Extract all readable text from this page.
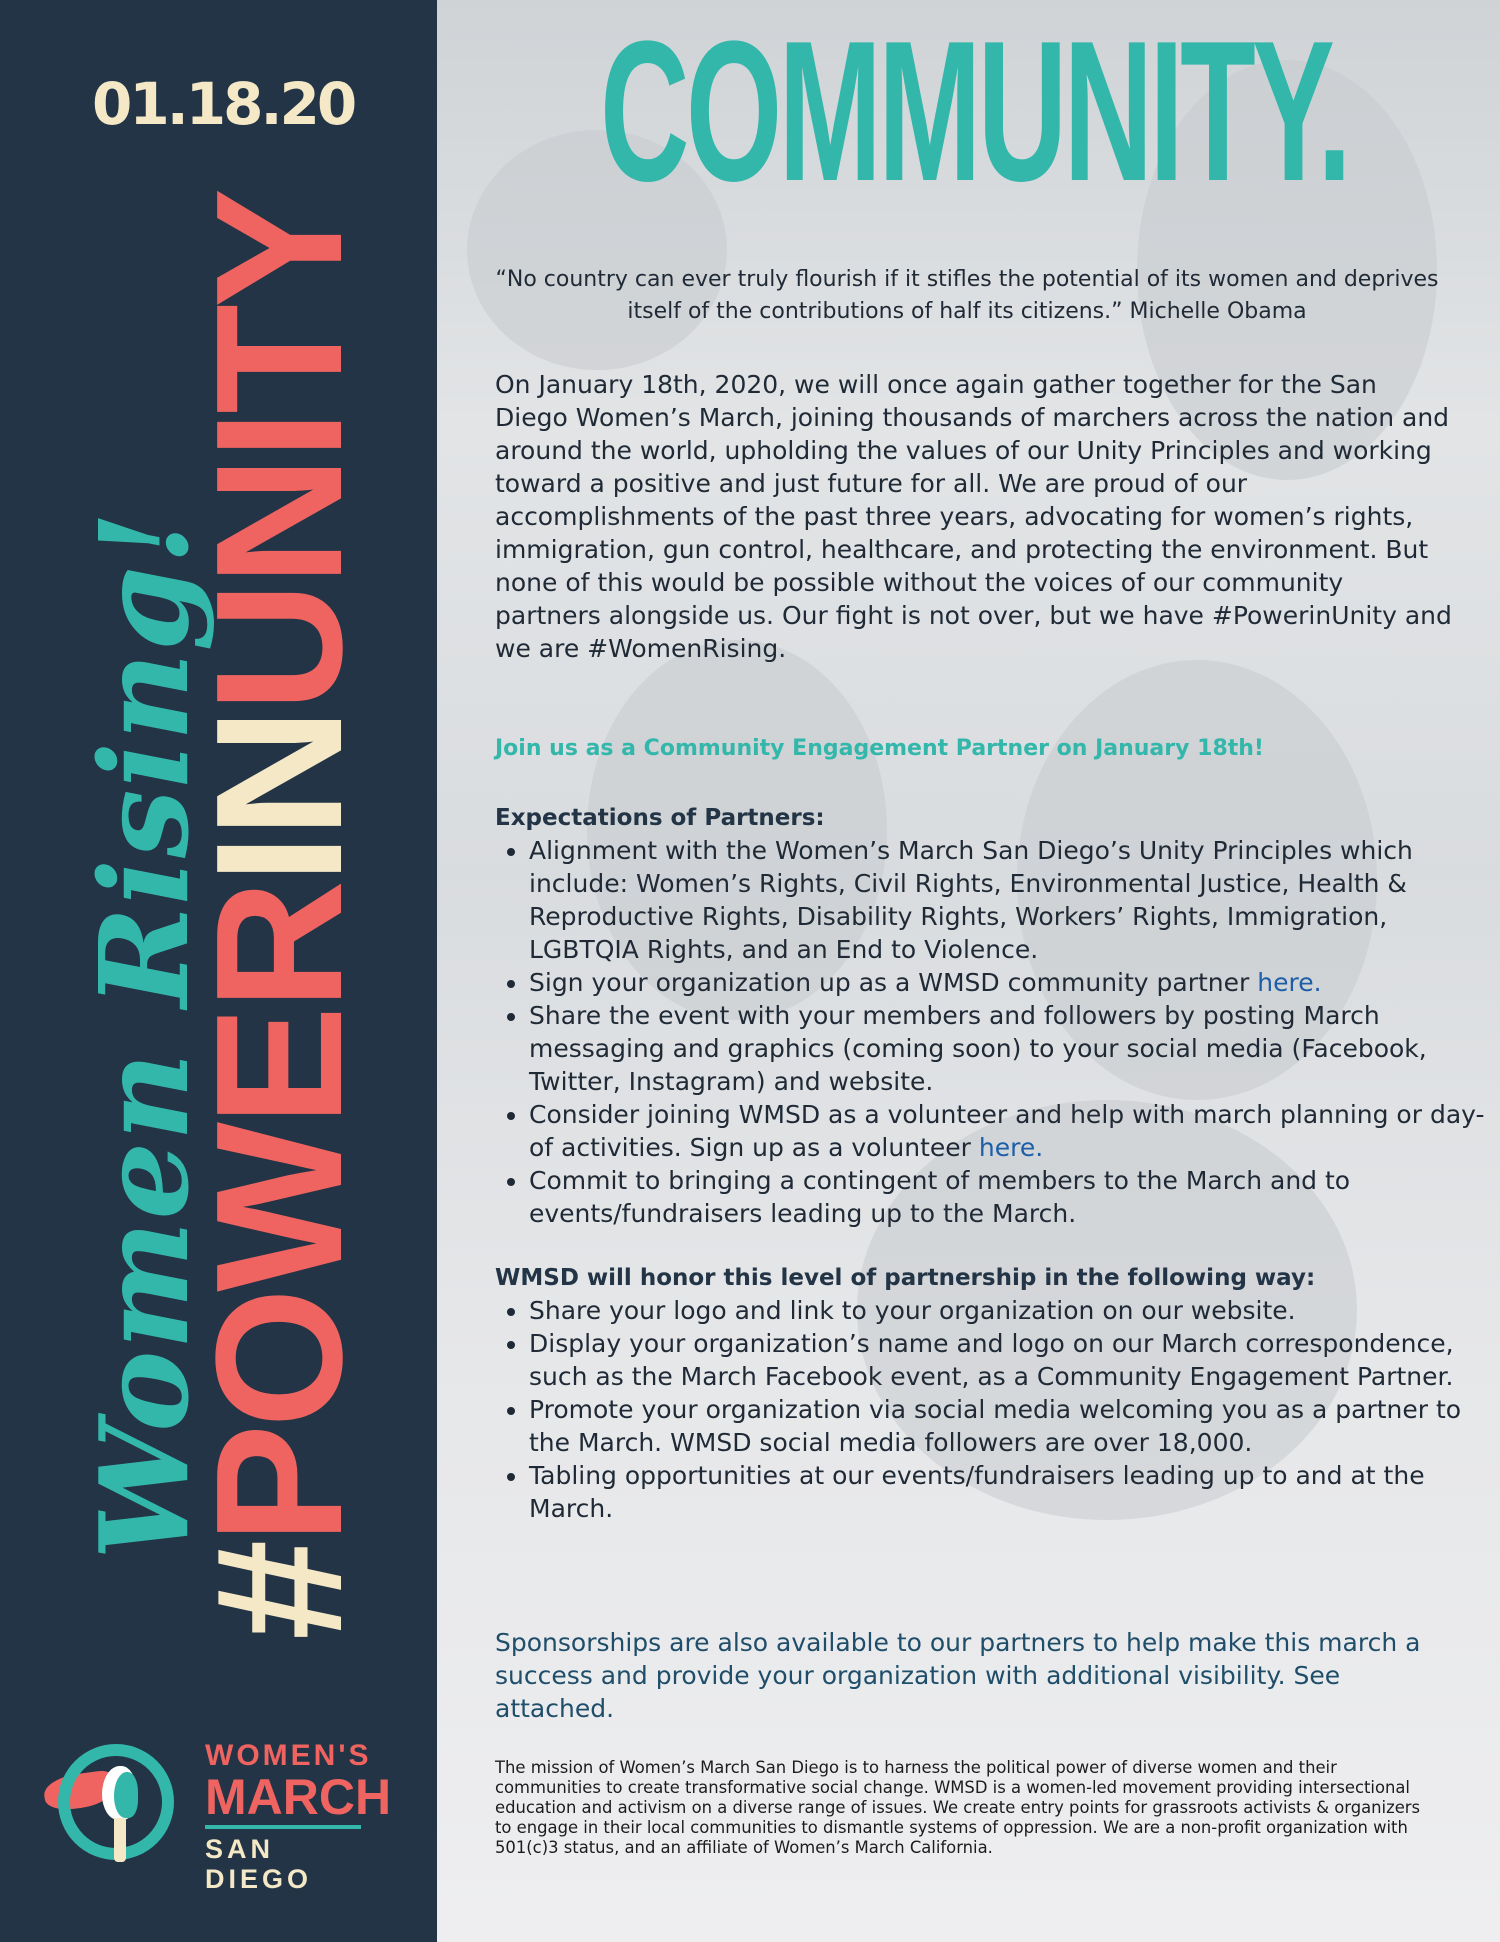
01.18.20
Women Rising!
#POWERINUNITY
WOMEN'S
MARCH
SAN DIEGO
COMMUNITY.
“No country can ever truly flourish if it stifles the potential of its women and deprives itself of the contributions of half its citizens.” Michelle Obama
On January 18th, 2020, we will once again gather together for the San Diego Women’s March, joining thousands of marchers across the nation and around the world, upholding the values of our Unity Principles and working toward a positive and just future for all. We are proud of our accomplishments of the past three years, advocating for women’s rights, immigration, gun control, healthcare, and protecting the environment. But none of this would be possible without the voices of our community partners alongside us. Our fight is not over, but we have #PowerinUnity and we are #WomenRising.
Join us as a Community Engagement Partner on January 18th!
Expectations of Partners:
• Alignment with the Women’s March San Diego’s Unity Principles which include: Women’s Rights, Civil Rights, Environmental Justice, Health & Reproductive Rights, Disability Rights, Workers’ Rights, Immigration, LGBTQIA Rights, and an End to Violence.
• Sign your organization up as a WMSD community partner here.
• Share the event with your members and followers by posting March messaging and graphics (coming soon) to your social media (Facebook, Twitter, Instagram) and website.
• Consider joining WMSD as a volunteer and help with march planning or day-of activities. Sign up as a volunteer here.
• Commit to bringing a contingent of members to the March and to events/fundraisers leading up to the March.
WMSD will honor this level of partnership in the following way:
• Share your logo and link to your organization on our website.
• Display your organization’s name and logo on our March correspondence, such as the March Facebook event, as a Community Engagement Partner.
• Promote your organization via social media welcoming you as a partner to the March. WMSD social media followers are over 18,000.
• Tabling opportunities at our events/fundraisers leading up to and at the March.
Sponsorships are also available to our partners to help make this march a success and provide your organization with additional visibility. See attached.
The mission of Women’s March San Diego is to harness the political power of diverse women and their communities to create transformative social change. WMSD is a women-led movement providing intersectional education and activism on a diverse range of issues. We create entry points for grassroots activists & organizers to engage in their local communities to dismantle systems of oppression. We are a non-profit organization with 501(c)3 status, and an affiliate of Women’s March California.
